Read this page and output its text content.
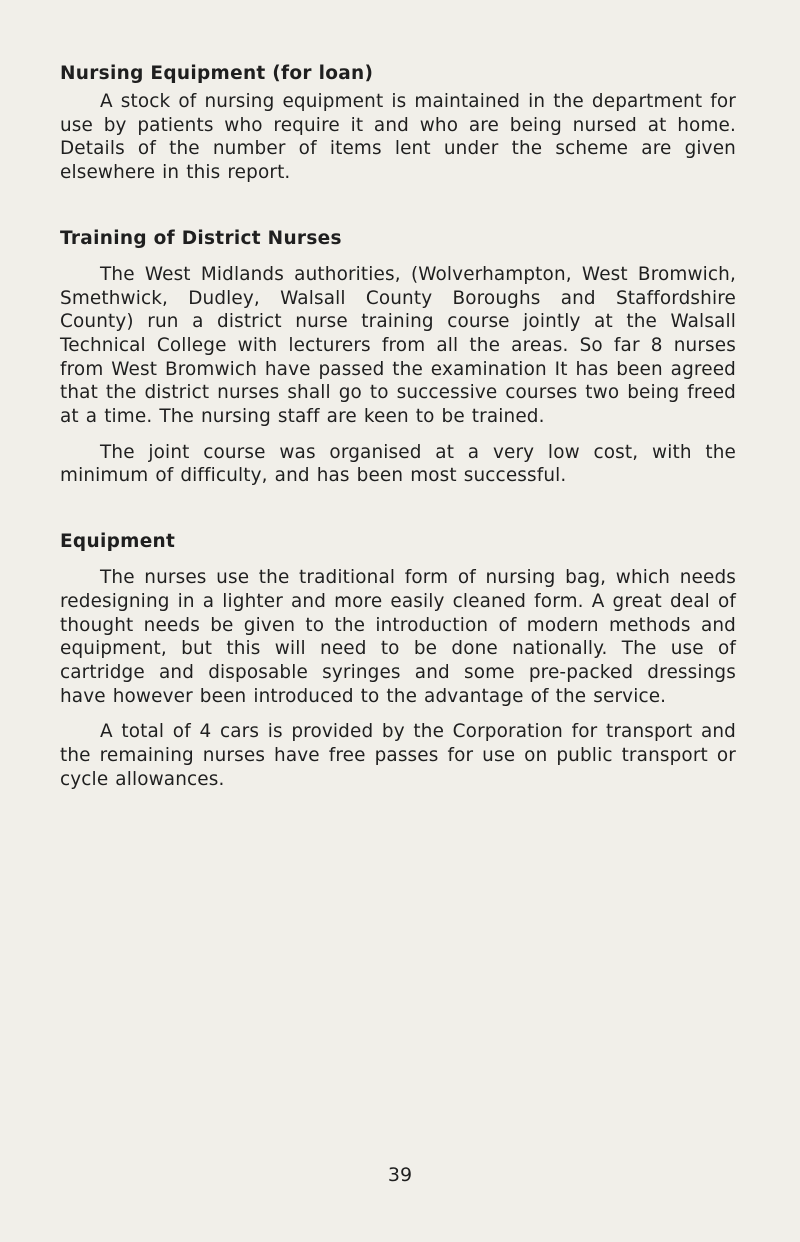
Nursing Equipment (for loan)

A stock of nursing equipment is maintained in the department for use by patients who require it and who are being nursed at home. Details of the number of items lent under the scheme are given elsewhere in this report.

Training of District Nurses

The West Midlands authorities, (Wolverhampton, West Bromwich, Smethwick, Dudley, Walsall County Boroughs and Staffordshire County) run a district nurse training course jointly at the Walsall Technical College with lecturers from all the areas. So far 8 nurses from West Bromwich have passed the examination It has been agreed that the district nurses shall go to successive courses two being freed at a time. The nursing staff are keen to be trained.

The joint course was organised at a very low cost, with the minimum of difficulty, and has been most successful.

Equipment

The nurses use the traditional form of nursing bag, which needs redesigning in a lighter and more easily cleaned form. A great deal of thought needs be given to the introduction of modern methods and equipment, but this will need to be done nationally. The use of cartridge and disposable syringes and some pre-packed dressings have however been introduced to the advantage of the service.

A total of 4 cars is provided by the Corporation for transport and the remaining nurses have free passes for use on public transport or cycle allowances.

39
